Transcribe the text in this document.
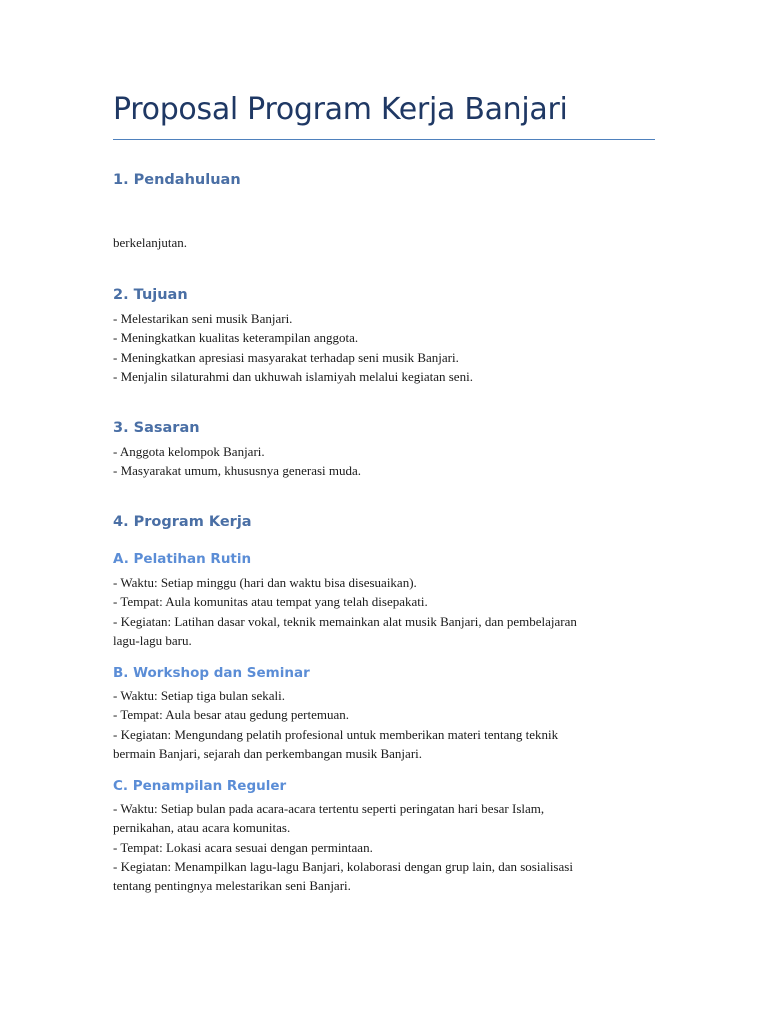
Proposal Program Kerja Banjari
1. Pendahuluan
berkelanjutan.
2. Tujuan
- Melestarikan seni musik Banjari.
- Meningkatkan kualitas keterampilan anggota.
- Meningkatkan apresiasi masyarakat terhadap seni musik Banjari.
- Menjalin silaturahmi dan ukhuwah islamiyah melalui kegiatan seni.
3. Sasaran
- Anggota kelompok Banjari.
- Masyarakat umum, khususnya generasi muda.
4. Program Kerja
A. Pelatihan Rutin
- Waktu: Setiap minggu (hari dan waktu bisa disesuaikan).
- Tempat: Aula komunitas atau tempat yang telah disepakati.
- Kegiatan: Latihan dasar vokal, teknik memainkan alat musik Banjari, dan pembelajaran
lagu-lagu baru.
B. Workshop dan Seminar
- Waktu: Setiap tiga bulan sekali.
- Tempat: Aula besar atau gedung pertemuan.
- Kegiatan: Mengundang pelatih profesional untuk memberikan materi tentang teknik
bermain Banjari, sejarah dan perkembangan musik Banjari.
C. Penampilan Reguler
- Waktu: Setiap bulan pada acara-acara tertentu seperti peringatan hari besar Islam,
pernikahan, atau acara komunitas.
- Tempat: Lokasi acara sesuai dengan permintaan.
- Kegiatan: Menampilkan lagu-lagu Banjari, kolaborasi dengan grup lain, dan sosialisasi
tentang pentingnya melestarikan seni Banjari.
